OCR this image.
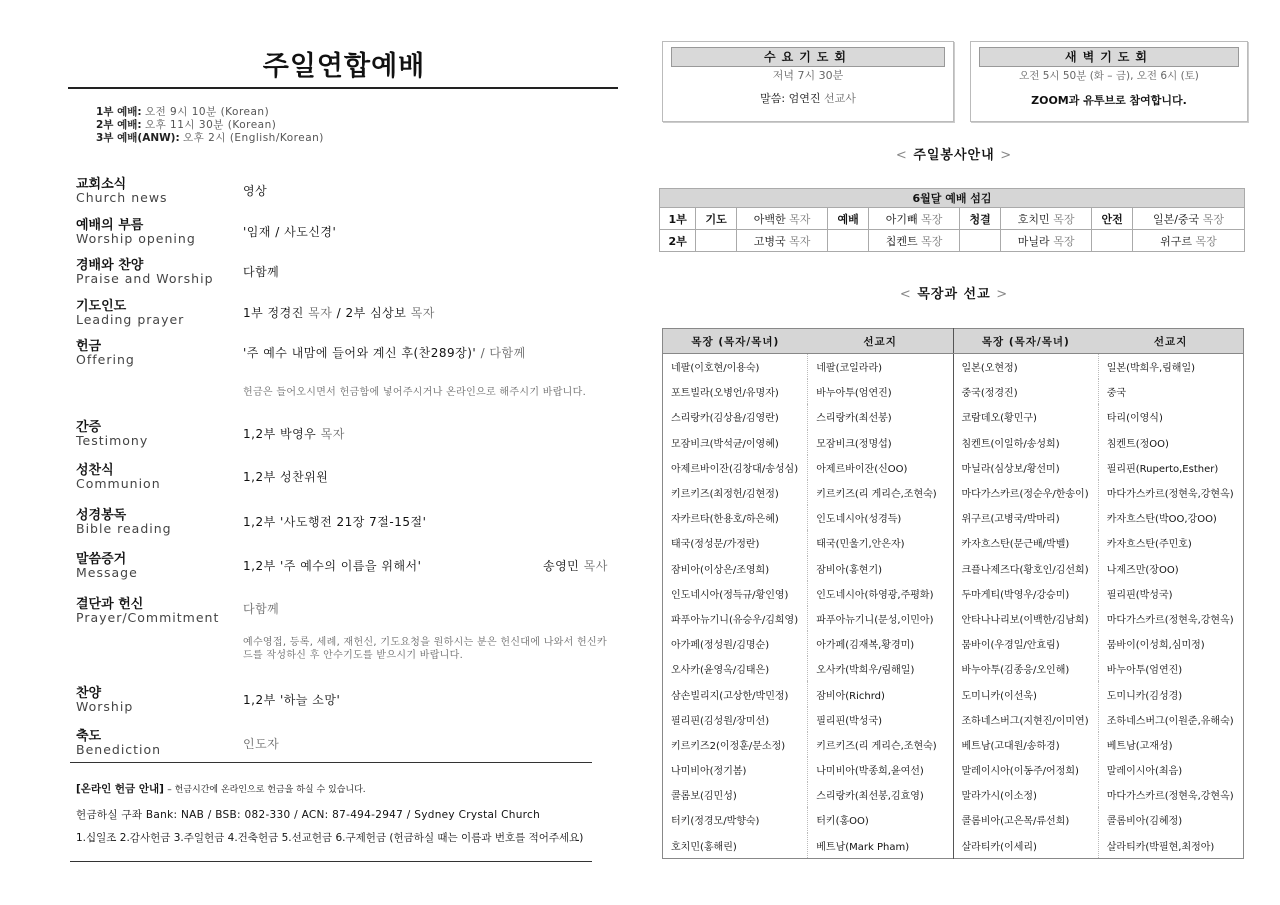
주일연합예배
1부 예배: 오전 9시 10분 (Korean)
2부 예배: 오후 11시 30분 (Korean)
3부 예배(ANW): 오후 2시 (English/Korean)
교회소식
Church news	영상
예배의 부름
Worship opening	'임재 / 사도신경'
경배와 찬양
Praise and Worship 다함께
기도인도
Leading prayer	1부 정경진 목자 / 2부 심상보 목자
헌금
Offering	'주 예수 내맘에 들어와 계신 후(찬289장)' / 다함께
헌금은 들어오시면서 헌금함에 넣어주시거나 온라인으로 해주시기 바랍니다.
간증
Testimony	1,2부 박영우 목자
성찬식
Communion	1,2부 성찬위원
성경봉독
Bible reading	1,2부 '사도행전 21장 7절-15절'
말씀증거
Message	1,2부 '주 예수의 이름을 위해서'	송영민 목사
결단과 헌신
Prayer/Commitment
다함께
예수영접, 등록, 세례, 재헌신, 기도요청을 원하시는 분은 헌신대에 나와서 헌신카드를 작성하신 후 안수기도를 받으시기 바랍니다.
찬양
Worship	1,2부 '하늘 소망'
축도
Benediction	인도자
[온라인 헌금 안내] – 헌금시간에 온라인으로 헌금을 하실 수 있습니다.
헌금하실 구좌 Bank: NAB / BSB: 082-330 / ACN: 87-494-2947 / Sydney Crystal Church
1.십일조 2.감사헌금 3.주일헌금 4.건축헌금 5.선교헌금 6.구제헌금 (헌금하실 때는 이름과 번호를 적어주세요)
수요기도회
저녁 7시 30분
말씀: 엄연진 선교사
새벽기도회
오전 5시 50분 (화 – 금), 오전 6시 (토)
ZOOM과 유투브로 참여합니다.
< 주일봉사안내 >
6월달 예배 섬김								
1부	기도	아백한 목자	예배	아기빼 목장	청결	호치민 목장	안전	일본/중국 목장
2부		고병국 목자		칩켄트 목장		마닐라 목장		위구르 목장
< 목장과 선교 >
목장 (목자/목녀)	선교지	목장 (목자/목녀)	선교지
네팔(이호현/이용숙)	네팔(코일라라)	일본(오현정)	일본(박희우,림해일)
포트빌라(오병언/유명자)	바누아투(엄연진)	중국(정경진)	중국
스리랑카(김상욜/김영란)	스리랑카(최선봉)	코람데오(황민구)	타리(이영식)
모잠비크(박석균/이영혜)	모잠비크(정명섭)	침켄트(이일하/송성희)	침켄트(정OO)
아제르바이잔(김창대/송성심)	아제르바이잔(신OO)	마닐라(심상보/황선미)	필리핀(Ruperto,Esther)
키르키즈(최정헌/김현정)	키르키즈(리 게리슨,조현숙)	마다가스카르(정순우/한송이)	마다가스카르(정현욱,강현옥)
자카르타(한용호/하은혜)	인도네시아(성경득)	위구르(고병국/박마리)	카자흐스탄(박OO,강OO)
태국(정성문/가정란)	태국(민울기,안은자)	카자흐스탄(문근배/박벨)	카자흐스탄(주민호)
잠비아(이상은/조영희)	잠비아(홍현기)	크플나제즈다(황호인/김선희)	나제즈만(장OO)
인도네시아(정득규/황인영)	인도네시아(하영광,주평화)	두마게티(박영우/강승미)	필리핀(박성국)
파푸아뉴기니(유승우/김희영)	파푸아뉴기니(문성,이민아)	안타나나리보(이백한/김남희)	마다가스카르(정현욱,강현옥)
아가페(정성원/김명순)	아가페(김재복,황경미)	뭄바이(우경일/안효림)	뭄바이(이성희,심미정)
오사카(윤영옥/김태은)	오사카(박희우/림해일)	바누아투(김종응/오인해)	바누아투(엄연진)
삼손빌리지(고상한/박민정)	잠비아(Richrd)	도미니카(이선욱)	도미니카(김성경)
필리핀(김성원/장미선)	필리핀(박성국)	조하네스버그(지현진/이미연)	조하네스버그(이원준,유해숙)
키르키즈2(이정훈/문소정)	키르키즈(리 게리슨,조현숙)	베트남(고대원/송하경)	베트남(고재성)
나미비아(정기봄)	나미비아(박종희,윤여선)	말레이시아(이동주/어정희)	말레이시아(최음)
콜롬보(김민성)	스리랑카(최선봉,김효영)	말라가시(이소정)	마다가스카르(정현욱,강현옥)
터키(정경모/박향숙)	터키(홍OO)	콜롬비아(고은목/류선희)	콜롬비아(김혜정)
호치민(홍해린)	베트남(Mark Pham)	살라티카(이세리)	살라티카(박필현,최정아)
